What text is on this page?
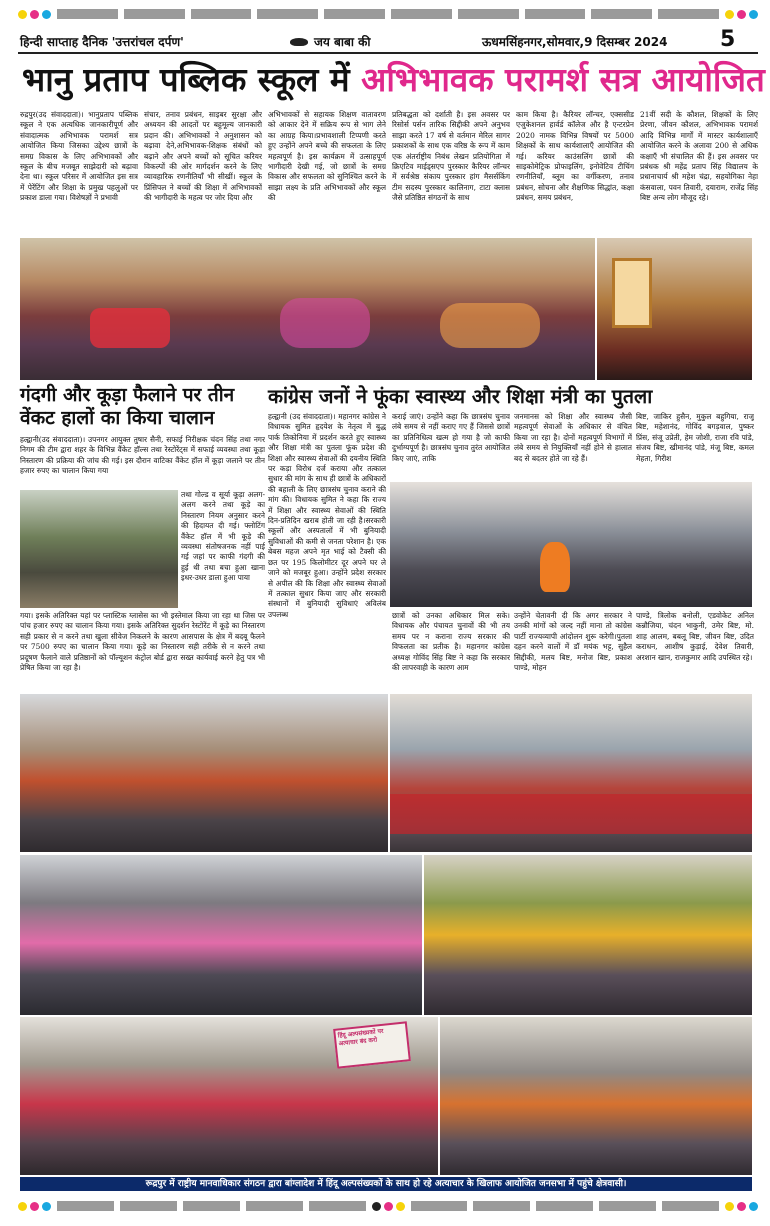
हिन्दी साप्ताह दैनिक 'उत्तरांचल दर्पण'	जय बाबा की	ऊधमसिंहनगर,सोमवार,9 दिसम्बर 2024 5
भानु प्रताप पब्लिक स्कूल में अभिभावक परामर्श सत्र आयोजित
रुद्रपुर(उद संवाददाता)। भानुप्रताप पब्लिक स्कूल ने एक अत्यधिक जानकारीपूर्ण और संवादात्मक अभिभावक परामर्श सत्र आयोजित किया जिसका उद्देश्य छात्रों के समग्र विकास के लिए अभिभावकों और स्कूल के बीच मजबूत साझेदारी को बढ़ावा देना था। स्कूल परिसर में आयोजित इस सत्र में पेरेंटिंग और शिक्षा के प्रमुख पहलुओं पर प्रकाश डाला गया। विशेषज्ञों ने प्रभावी
संचार, तनाव प्रबंधन, साइबर सुरक्षा और अध्ययन की आदतों पर बहुमूल्य जानकारी प्रदान की। अभिभावकों ने अनुशासन को बढ़ावा देने,अभिभावक-शिक्षक संबंधों को बढ़ाने और अपने बच्चों को सूचित करियर विकल्पों की ओर मार्गदर्शन करने के लिए व्यावहारिक रणनीतियाँ भी सीखीं। स्कूल के प्रिंसिपल ने बच्चों की शिक्षा में अभिभावकों की भागीदारी के महत्व पर जोर दिया और
अभिभावकों से सहायक शिक्षण वातावरण को आकार देने में सक्रिय रूप से भाग लेने का आग्रह किया।प्रभावशाली टिप्पणी करते हुए उन्होंने अपने बच्चे की सफलता के लिए महत्वपूर्ण है। इस कार्यक्रम में उत्साहपूर्ण भागीदारी देखी गई, जो छात्रों के समग्र विकास और सफलता को सुनिश्चित करने के साझा लक्ष्य के प्रति अभिभावकों और स्कूल की
प्रतिबद्धता को दर्शाती है। इस अवसर पर रिसोर्स पर्सन तारिक सिद्दीकी अपने अनुभव साझा करते 17 वर्ष से वर्तमान मेरिल सागर प्रकाशकों के साथ एक वरिष्ठ के रूप में काम एक अंतर्राष्ट्रीय निबंध लेखन प्रतियोगिता में क्रिएटिव माईड्सएप पुरस्कार कैरियर लॉन्चर में सर्वश्रेष्ठ संकाय पुरस्कार हांग मैसर्सकिंग टीम सदस्य पुरस्कार कालिनाग, टाटा क्लास जैसे प्रतिष्ठित संगठनों के साथ
काम किया है। कैरियर लॉन्चर, एक्ससीड एजुकेशनल हार्वर्ड कॉलेज और है एन्टरप्रेन 2020 नामक विभिन्न विषयों पर 5000 शिक्षकों के साथ कार्यशालाएँ आयोजित की गई। करियर काउंसलिंग छात्रों की साइकोमेट्रिक प्रोफाइलिंग, इनोवेटिव टीचिंग रणनीतियाँ, ब्लूम का वर्गीकरण, तनाव प्रबंधन, सोचना और शैक्षणिक सिद्धांत, कक्षा प्रबंधन, समय प्रबंधन,
21वीं सदी के कौशल, शिक्षकों के लिए प्रेरणा, जीवन कौशल, अभिभावक परामर्श आदि विभिन्न मार्गों में मास्टर कार्यशालाएँ आयोजित करने के अलावा 200 से अधिक कक्षाएँ भी संचालित की हैं। इस अवसर पर प्रबंधक श्री महेंद्र प्रताप सिंह विद्यालय के प्रधानाचार्य श्री महेश चंद्रा, सहयोगिका नेहा कंसवाला, पवन तिवारी, दयाराम, राजेंद्र सिंह बिष्ट अन्य लोग मौजूद रहे।
गंदगी और कूड़ा फैलाने पर तीन
वेंकट हालों का किया चालान
हल्द्वानी(उद संवाददाता)। उपनगर आयुक्त तुषार सैनी, सफाई निरीक्षक चंदन सिंह तथा नगर निगम की टीम द्वारा शहर के विभिन्न वैंकेट हॉल्स तथा रेस्टोरेंट्स में सफाई व्यवस्था तथा कूड़ा निस्तारण की प्रक्रिया की जांच की गई। इस दौरान वाटिका वैंकेट हॉल में कूड़ा जलाने पर तीन हजार रुपए का चालान किया गया
तथा गोल्ड व सूर्या कूड़ा अलग-अलग करने तथा कूड़े का निस्तारण नियम अनुसार करने की हिदायत दी गई। फ्लोटिंग वैंकेट हॉल में भी कूड़े की व्यवस्था संतोषजनक नहीं पाई गई जहां पर काफी गंदगी की हुई थी तथा बचा हुआ खाना इधर-उधर डाला हुआ पाया
गया। इसके अतिरिक्त यहां पर प्लास्टिक ग्लासेस का भी इस्तेमाल किया जा रहा था जिस पर पांच हजार रुपए का चालान किया गया। इसके अतिरिक्त सुदर्शन रेस्टोरेंट में कूड़े का निस्तारण सही प्रकार से न करने तथा खुला सीवेज निकलने के कारण आसपास के क्षेत्र में बदबू फैलने पर 7500 रुपए का चालान किया गया। कूड़े का निस्तारण सही तरीके से न करने तथा प्रदूषण फैलाने वाले प्रतिष्ठानों को पॉल्यूशन कंट्रोल बोर्ड द्वारा सख्त कार्यवाई करने हेतु पत्र भी प्रेषित किया जा रहा है।
कांग्रेस जनों ने फूंका स्वास्थ्य और शिक्षा मंत्री का पुतला
हल्द्वानी (उद संवाददाता)। महानगर कांग्रेस ने विधायक सुमित हृदयेश के नेतृत्व में बुद्ध पार्क तिकोनिया में प्रदर्शन करते हुए स्वास्थ्य और शिक्षा मंत्री का पुतला फूंक प्रदेश की शिक्षा और स्वास्थ्य सेवाओं की दयनीय स्थिति पर कड़ा विरोध दर्ज कराया और तत्काल सुधार की मांग के साथ ही छात्रों के अधिकारों की बहाली के लिए छात्रसंघ चुनाव कराने की मांग की। विधायक सुमित ने कहा कि राज्य में शिक्षा और स्वास्थ्य सेवाओं की स्थिति दिन-प्रतिदिन खराब होती जा रही है।सरकारी स्कूलों और अस्पतालों में भी बुनियादी सुविधाओं की कमी से जनता परेशान है। एक बेबस महज अपने मृत भाई को टैक्सी की छत पर 195 किलोमीटर दूर अपने घर ले जाने को मजबूर हुआ। उन्होंने प्रदेश सरकार से अपील की कि शिक्षा और स्वास्थ्य सेवाओं में तत्काल सुधार किया जाए और सरकारी संस्थानों में बुनियादी सुविधाएं अविलंब उपलब्ध
कराई जाएं। उन्होंने कहा कि छात्रसंघ चुनाव लंबे समय से नहीं कराए गए हैं जिससे छात्रों का प्रतिनिधित्व खत्म हो गया है जो काफी दुर्भाग्यपूर्ण है। छात्रसंघ चुनाव तुरंत आयोजित किए जाएं, ताकि
जनमानस को शिक्षा और स्वास्थ्य जैसी महत्वपूर्ण सेवाओं के अधिकार से वंचित किया जा रहा है। दोनों महत्वपूर्ण विभागों में लंबे समय से नियुक्तियाँ नहीं होने से हालात बद से बदतर होते जा रहे हैं।
बिष्ट, जाकिर हुसैन, मुकुल बहुगिया, राजू बिष्ट, महेशानंद, गोविंद बगड़वाल, पुष्कर प्रिंस, संजू उप्रेती, हेम जोशी, राजा रवि पांडे, संजय बिष्ट, खीमानंद पांडे, मंजू बिष्ट, कमल मेहता, गिरीश
छात्रों को उनका अधिकार मिल सके।विधायक और पंचायत चुनावों की भी तय समय पर न कराना राज्य सरकार की विफलता का प्रतीक है। महानगर कांग्रेस अध्यक्ष गोविंद सिंह बिष्ट ने कहा कि सरकार की लापरवाही के कारण आम
उन्होंने चेतावनी दी कि अगर सरकार ने उनकी मांगों को जल्द नहीं माना तो कांग्रेस पार्टी राज्यव्यापी आंदोलन शुरू करेगी।पुतला दहन करने वालों में डॉ मयंक भट्ट, सुहैल सिद्दीकी, मलय बिष्ट, मनोज बिष्ट, प्रकाश पाण्डे, मोहन
पाण्डे, त्रिलोक बनोली, एडवोकेट अनिल कन्नौजिया, चंदन भाकुनी, उमेर बिष्ट, मो. शाह आलम, बबलू बिष्ट, जीवन बिष्ट, उदित कराधन, आशीष कुड़ाई, देवेश तिवारी, अरशान खान, राजकुमार आदि उपस्थित रहे।
हिंदू अल्पसंख्यकों पर अत्याचार बंद करो
रूद्रपुर में राष्ट्रीय मानवाधिकार संगठन द्वारा बांग्लादेश में हिंदू अल्पसंख्यकों के साथ हो रहे अत्याचार के खिलाफ आयोजित जनसभा में पहुंचे क्षेत्रवासी।
